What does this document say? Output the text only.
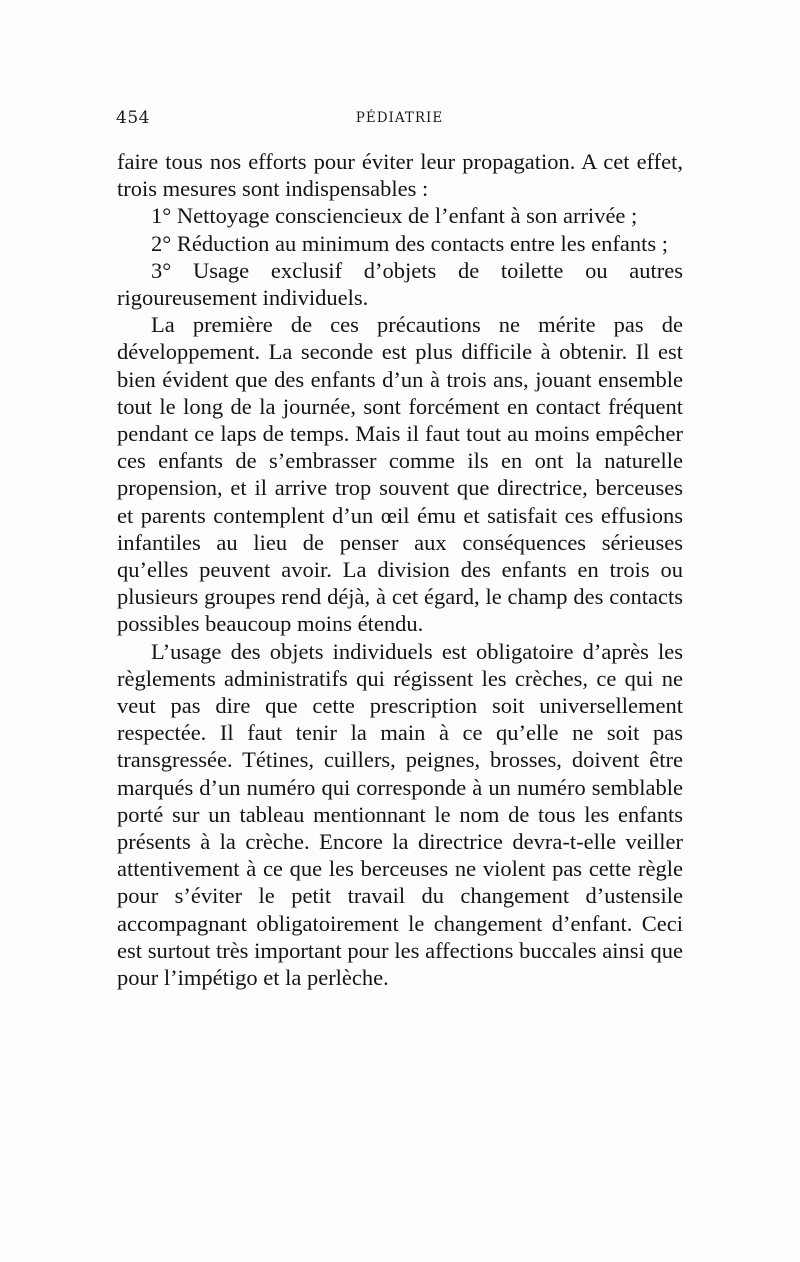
454	PÉDIATRIE

faire tous nos efforts pour éviter leur propagation. A cet effet, trois mesures sont indispensables :

1° Nettoyage consciencieux de l’enfant à son arrivée ;

2° Réduction au minimum des contacts entre les enfants ;

3° Usage exclusif d’objets de toilette ou autres rigoureusement individuels.

La première de ces précautions ne mérite pas de développement. La seconde est plus difficile à obtenir. Il est bien évident que des enfants d’un à trois ans, jouant ensemble tout le long de la journée, sont forcément en contact fréquent pendant ce laps de temps. Mais il faut tout au moins empêcher ces enfants de s’embrasser comme ils en ont la naturelle propension, et il arrive trop souvent que directrice, berceuses et parents contemplent d’un œil ému et satisfait ces effusions infantiles au lieu de penser aux conséquences sérieuses qu’elles peuvent avoir. La division des enfants en trois ou plusieurs groupes rend déjà, à cet égard, le champ des contacts possibles beaucoup moins étendu.

L’usage des objets individuels est obligatoire d’après les règlements administratifs qui régissent les crèches, ce qui ne veut pas dire que cette prescription soit universellement respectée. Il faut tenir la main à ce qu’elle ne soit pas transgressée. Tétines, cuillers, peignes, brosses, doivent être marqués d’un numéro qui corresponde à un numéro semblable porté sur un tableau mentionnant le nom de tous les enfants présents à la crèche. Encore la directrice devra-t-elle veiller attentivement à ce que les berceuses ne violent pas cette règle pour s’éviter le petit travail du changement d’ustensile accompagnant obligatoirement le changement d’enfant. Ceci est surtout très important pour les affections buccales ainsi que pour l’impétigo et la perlèche.
